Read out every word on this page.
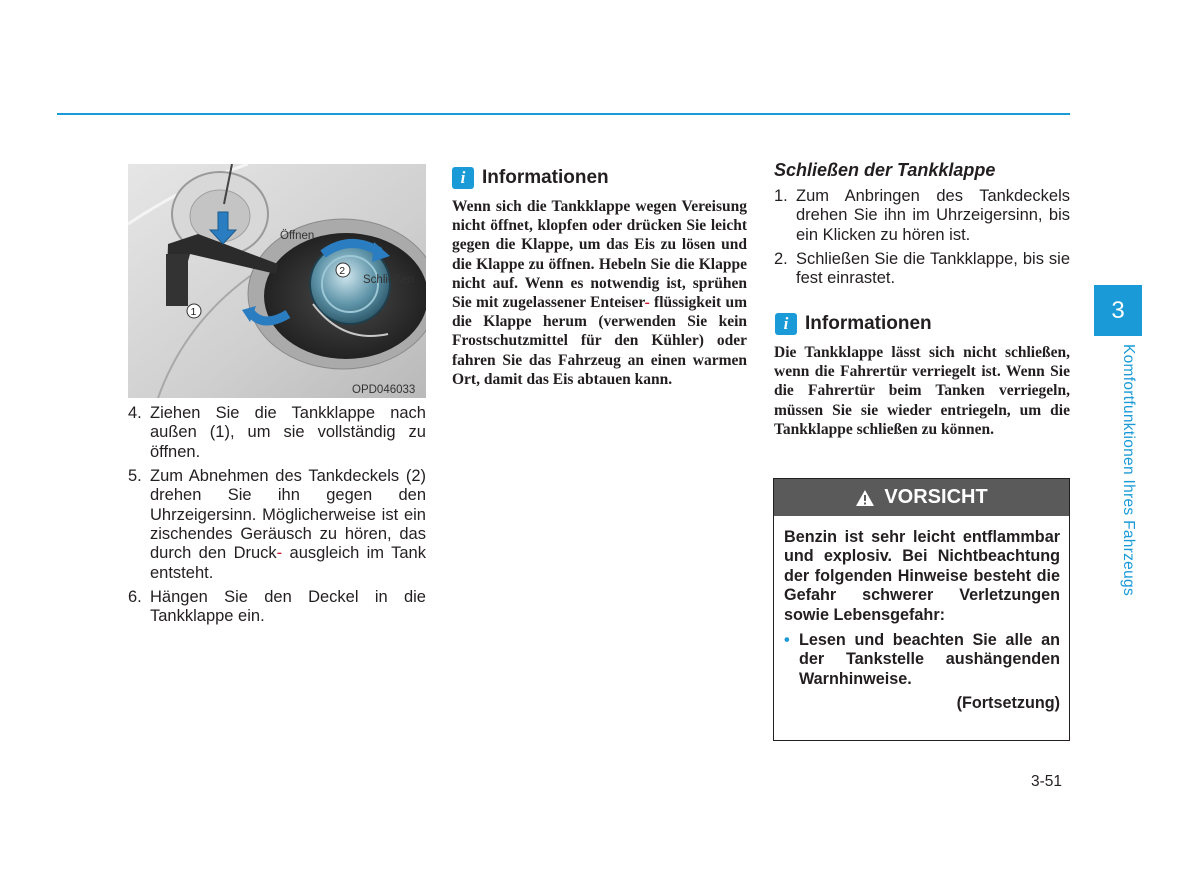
Öffnen
Schließen
2
1
OPD046033
4. Ziehen Sie die Tankklappe nach außen (1), um sie vollständig zu öffnen.
5. Zum Abnehmen des Tankdeckels (2) drehen Sie ihn gegen den Uhrzeigersinn. Möglicherweise ist ein zischendes Geräusch zu hören, das durch den Druck- ausgleich im Tank entsteht.
6. Hängen Sie den Deckel in die Tankklappe ein.
i Informationen
Wenn sich die Tankklappe wegen Vereisung nicht öffnet, klopfen oder drücken Sie leicht gegen die Klappe, um das Eis zu lösen und die Klappe zu öffnen. Hebeln Sie die Klappe nicht auf. Wenn es notwendig ist, sprühen Sie mit zugelassener Enteiser- flüssigkeit um die Klappe herum (verwenden Sie kein Frostschutzmittel für den Kühler) oder fahren Sie das Fahrzeug an einen warmen Ort, damit das Eis abtauen kann.
Schließen der Tankklappe
1. Zum Anbringen des Tankdeckels drehen Sie ihn im Uhrzeigersinn, bis ein Klicken zu hören ist.
2. Schließen Sie die Tankklappe, bis sie fest einrastet.
i Informationen
Die Tankklappe lässt sich nicht schließen, wenn die Fahrertür verriegelt ist. Wenn Sie die Fahrertür beim Tanken verriegeln, müssen Sie sie wieder entriegeln, um die Tankklappe schließen zu können.
VORSICHT

Benzin ist sehr leicht entflammbar und explosiv. Bei Nichtbeachtung der folgenden Hinweise besteht die Gefahr schwerer Verletzungen sowie Lebensgefahr:

• Lesen und beachten Sie alle an der Tankstelle aushängenden Warnhinweise.
(Fortsetzung)
3
Komfortfunktionen Ihres Fahrzeugs
3-51
